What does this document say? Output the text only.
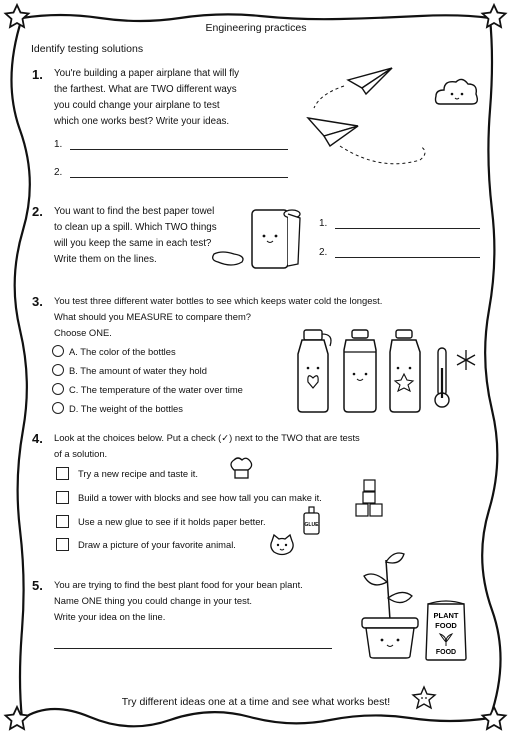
Engineering practices
Identify testing solutions
1. You're building a paper airplane that will fly
the farthest. What are TWO different ways
you could change your airplane to test
which one works best? Write your ideas.
1.
2.
2. You want to find the best paper towel
to clean up a spill. Which TWO things
will you keep the same in each test?
Write them on the lines.
1.
2.
3. You test three different water bottles to see which keeps water cold the longest.
What should you MEASURE to compare them?
Choose ONE.
A. The color of the bottles
B. The amount of water they hold
C. The temperature of the water over time
D. The weight of the bottles
4. Look at the choices below. Put a check (✓) next to the TWO that are tests
of a solution.
Try a new recipe and taste it.
Build a tower with blocks and see how tall you can make it.
Use a new glue to see if it holds paper better.
Draw a picture of your favorite animal.
GLUE
5. You are trying to find the best plant food for your bean plant.
Name ONE thing you could change in your test.
Write your idea on the line.	PLANT
FOOD
FOOD
Try different ideas one at a time and see what works best!
